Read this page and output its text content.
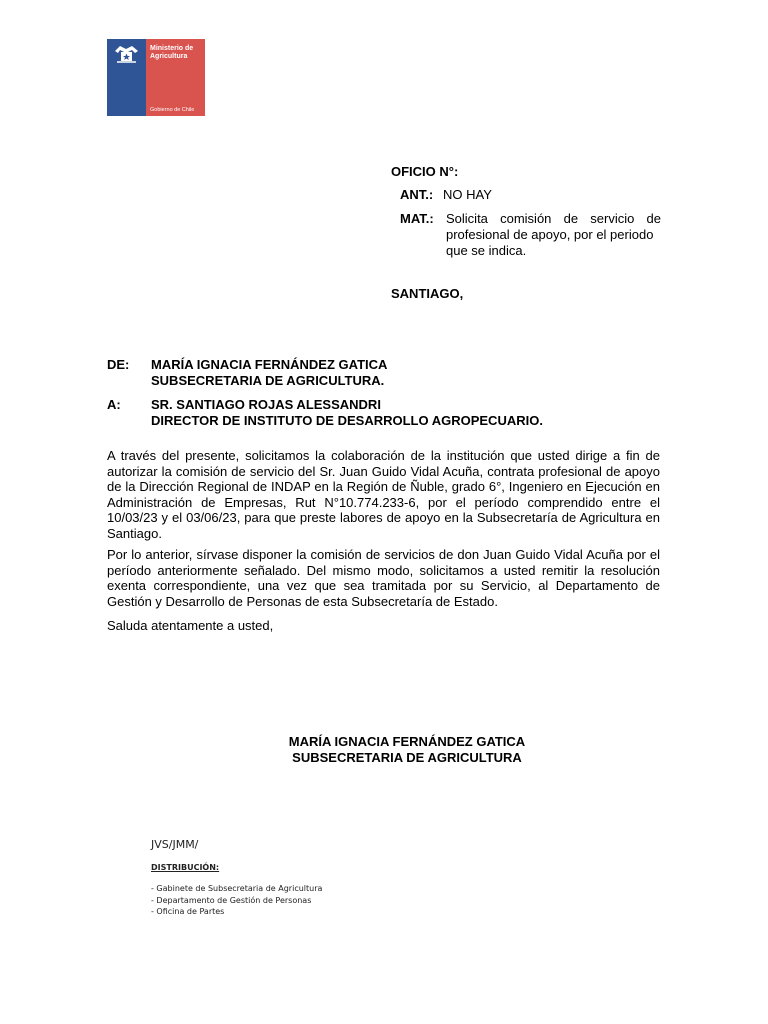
Ministerio de Agricultura
Gobierno de Chile
OFICIO N°:
ANT.: NO HAY
MAT.: Solicita comisión de servicio de profesional de apoyo, por el periodo
que se indica.
SANTIAGO,
DE: MARÍA IGNACIA FERNÁNDEZ GATICA
SUBSECRETARIA DE AGRICULTURA.
A: SR. SANTIAGO ROJAS ALESSANDRI
DIRECTOR DE INSTITUTO DE DESARROLLO AGROPECUARIO.
A través del presente, solicitamos la colaboración de la institución que usted dirige a fin de autorizar la comisión de servicio del Sr. Juan Guido Vidal Acuña, contrata profesional de apoyo de la Dirección Regional de INDAP en la Región de Ñuble, grado 6°, Ingeniero en Ejecución en Administración de Empresas, Rut N°10.774.233-6, por el período comprendido entre el 10/03/23 y el 03/06/23, para que preste labores de apoyo en la Subsecretaría de Agricultura en Santiago.
Por lo anterior, sírvase disponer la comisión de servicios de don Juan Guido Vidal Acuña por el período anteriormente señalado. Del mismo modo, solicitamos a usted remitir la resolución exenta correspondiente, una vez que sea tramitada por su Servicio, al Departamento de Gestión y Desarrollo de Personas de esta Subsecretaría de Estado.
Saluda atentamente a usted,
MARÍA IGNACIA FERNÁNDEZ GATICA
SUBSECRETARIA DE AGRICULTURA
JVS/JMM/
DISTRIBUCIÓN:
- Gabinete de Subsecretaria de Agricultura
- Departamento de Gestión de Personas
- Oficina de Partes
